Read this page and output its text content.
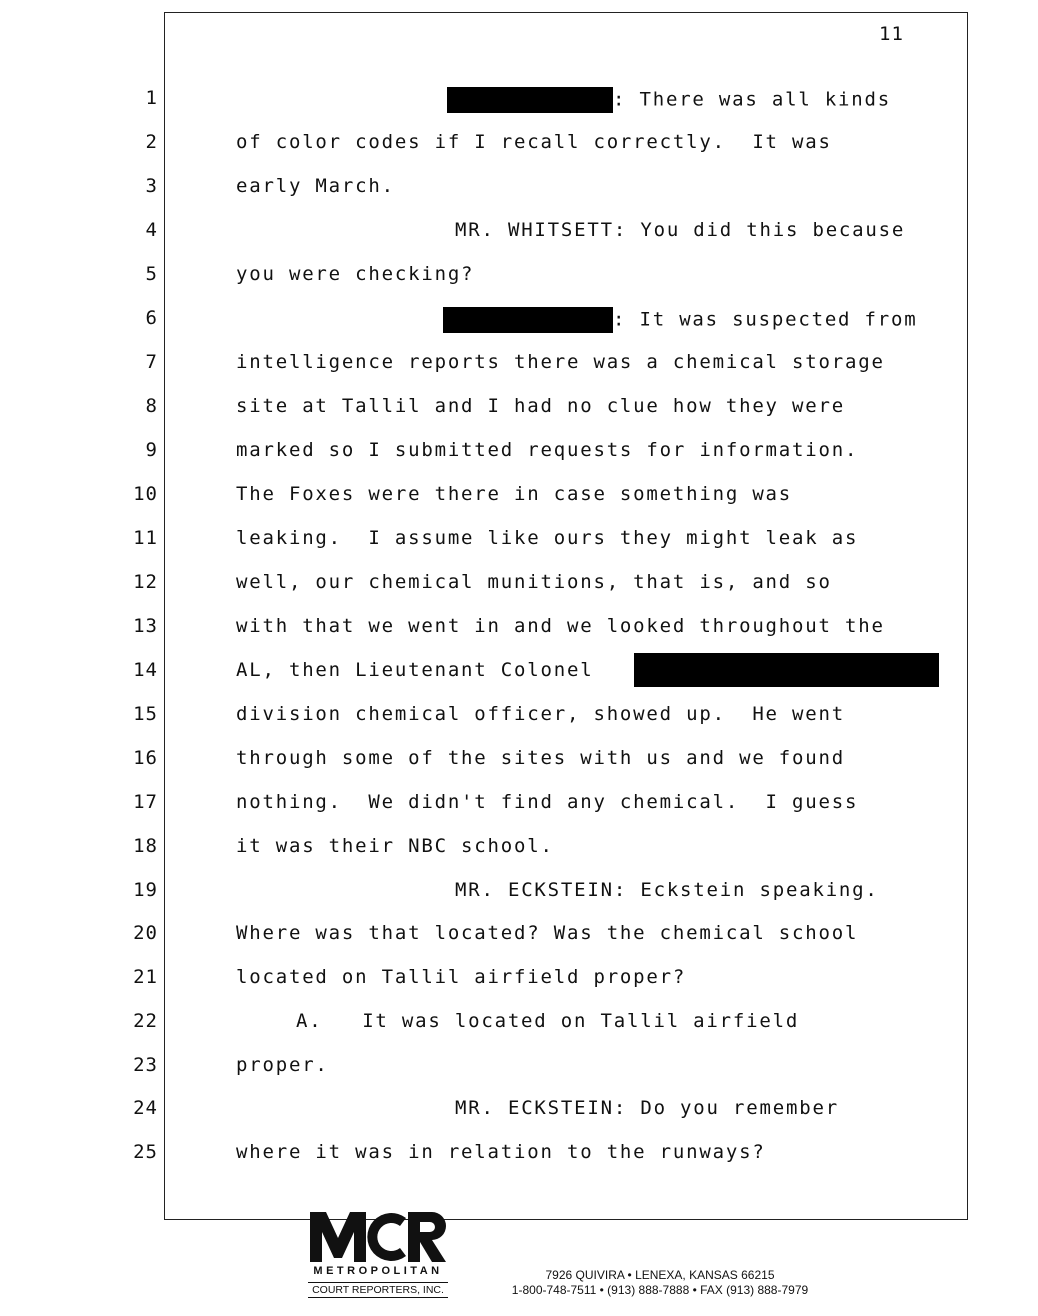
11
1	: There was all kinds
2	of color codes if I recall correctly.  It was
3	early March.
4	MR. WHITSETT: You did this because
5	you were checking?
6	: It was suspected from
7	intelligence reports there was a chemical storage
8	site at Tallil and I had no clue how they were
9	marked so I submitted requests for information.
10	The Foxes were there in case something was
11	leaking.  I assume like ours they might leak as
12	well, our chemical munitions, that is, and so
13	with that we went in and we looked throughout the
14	AL, then Lieutenant Colonel
15	division chemical officer, showed up.  He went
16	through some of the sites with us and we found
17	nothing.  We didn't find any chemical.  I guess
18	it was their NBC school.
19	MR. ECKSTEIN: Eckstein speaking.
20	Where was that located? Was the chemical school
21	located on Tallil airfield proper?
22	A.   It was located on Tallil airfield
23	proper.
24	MR. ECKSTEIN: Do you remember
25	where it was in relation to the runways?
METROPOLITAN
COURT REPORTERS, INC.
7926 QUIVIRA • LENEXA, KANSAS 66215
1-800-748-7511 • (913) 888-7888 • FAX (913) 888-7979
